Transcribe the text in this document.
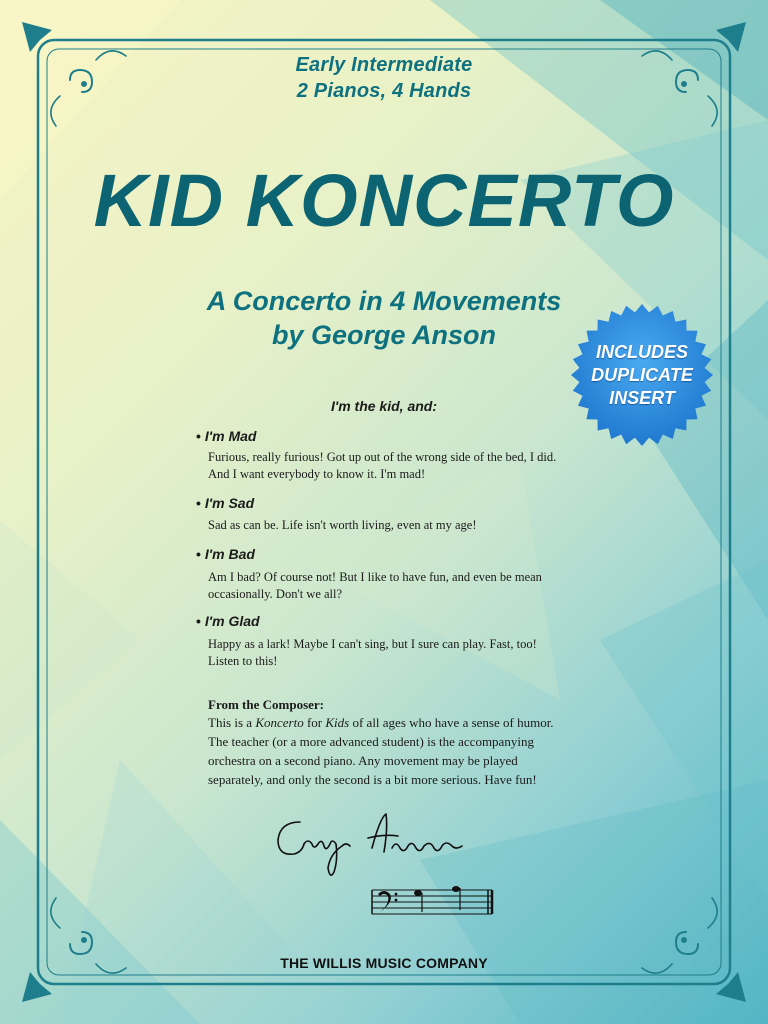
Early Intermediate
2 Pianos, 4 Hands
KID KONCERTO
A Concerto in 4 Movements
by George Anson
INCLUDES
DUPLICATE
INSERT
I'm the kid, and:
• I'm Mad
Furious, really furious! Got up out of the wrong side of the bed, I did.
And I want everybody to know it. I'm mad!
• I'm Sad
Sad as can be. Life isn't worth living, even at my age!
• I'm Bad
Am I bad? Of course not! But I like to have fun, and even be mean
occasionally. Don't we all?
• I'm Glad
Happy as a lark! Maybe I can't sing, but I sure can play. Fast, too!
Listen to this!
From the Composer:
This is a Koncerto for Kids of all ages who have a sense of humor.
The teacher (or a more advanced student) is the accompanying
orchestra on a second piano. Any movement may be played
separately, and only the second is a bit more serious. Have fun!
THE WILLIS MUSIC COMPANY
